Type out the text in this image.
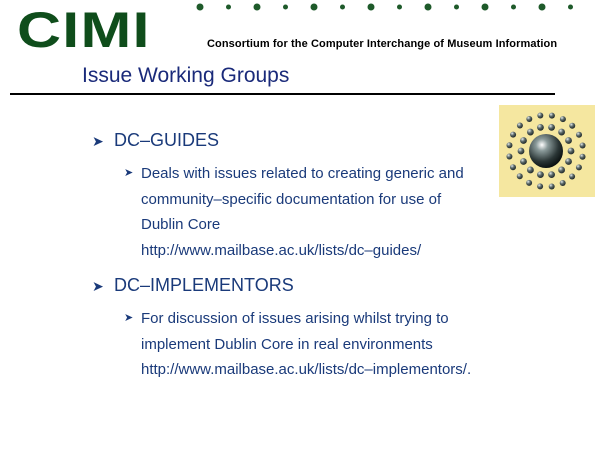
CIMI	Consortium for the Computer Interchange of Museum Information
Issue Working Groups
➤ DC–GUIDES
➤ Deals with issues related to creating generic and
community–specific documentation for use of
Dublin Core
http://www.mailbase.ac.uk/lists/dc–guides/
➤ DC–IMPLEMENTORS
➤ For discussion of issues arising whilst trying to
implement Dublin Core in real environments
http://www.mailbase.ac.uk/lists/dc–implementors/.
